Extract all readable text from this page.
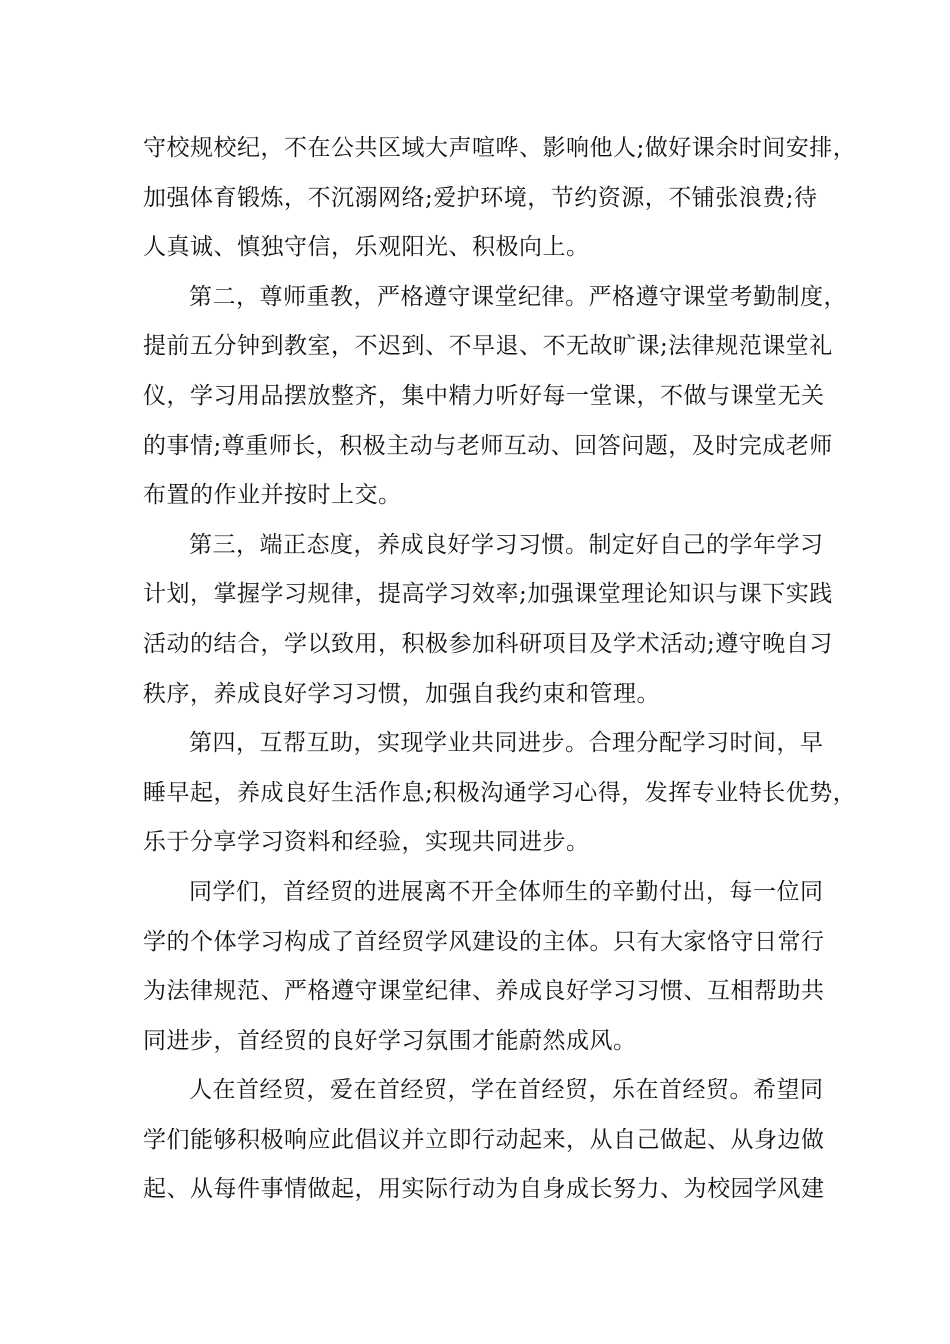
守校规校纪，不在公共区域大声喧哗、影响他人;做好课余时间安排，
加强体育锻炼，不沉溺网络;爱护环境，节约资源，不铺张浪费;待
人真诚、慎独守信，乐观阳光、积极向上。
第二，尊师重教，严格遵守课堂纪律。严格遵守课堂考勤制度，
提前五分钟到教室，不迟到、不早退、不无故旷课;法律规范课堂礼
仪，学习用品摆放整齐，集中精力听好每一堂课，不做与课堂无关
的事情;尊重师长，积极主动与老师互动、回答问题，及时完成老师
布置的作业并按时上交。
第三，端正态度，养成良好学习习惯。制定好自己的学年学习
计划，掌握学习规律，提高学习效率;加强课堂理论知识与课下实践
活动的结合，学以致用，积极参加科研项目及学术活动;遵守晚自习
秩序，养成良好学习习惯，加强自我约束和管理。
第四，互帮互助，实现学业共同进步。合理分配学习时间，早
睡早起，养成良好生活作息;积极沟通学习心得，发挥专业特长优势，
乐于分享学习资料和经验，实现共同进步。
同学们，首经贸的进展离不开全体师生的辛勤付出，每一位同
学的个体学习构成了首经贸学风建设的主体。只有大家恪守日常行
为法律规范、严格遵守课堂纪律、养成良好学习习惯、互相帮助共
同进步，首经贸的良好学习氛围才能蔚然成风。
人在首经贸，爱在首经贸，学在首经贸，乐在首经贸。希望同
学们能够积极响应此倡议并立即行动起来，从自己做起、从身边做
起、从每件事情做起，用实际行动为自身成长努力、为校园学风建
